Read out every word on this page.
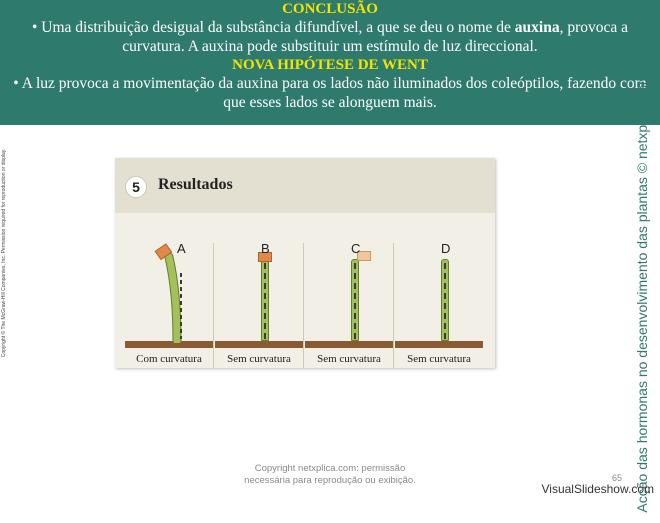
CONCLUSÃO
• Uma distribuição desigual da substância difundível, a que se deu o nome de auxina, provoca a curvatura. A auxina pode substituir um estímulo de luz direccional.
NOVA HIPÓTESE DE WENT
• A luz provoca a movimentação da auxina para os lados não iluminados dos coleóptilos, fazendo com que esses lados se alonguem mais.
Copyright © The McGraw-Hill Companies, Inc. Permission required for reproduction or display.	Acção das hormonas no desenvolvimento das plantas © netxplica.com
5	Resultados
A
Com curvatura
B
Sem curvatura
C
Sem curvatura
D
Sem curvatura
Copyright netxplica.com: permissão
necessária para reprodução ou exibição.	65
VisualSlideshow.com
